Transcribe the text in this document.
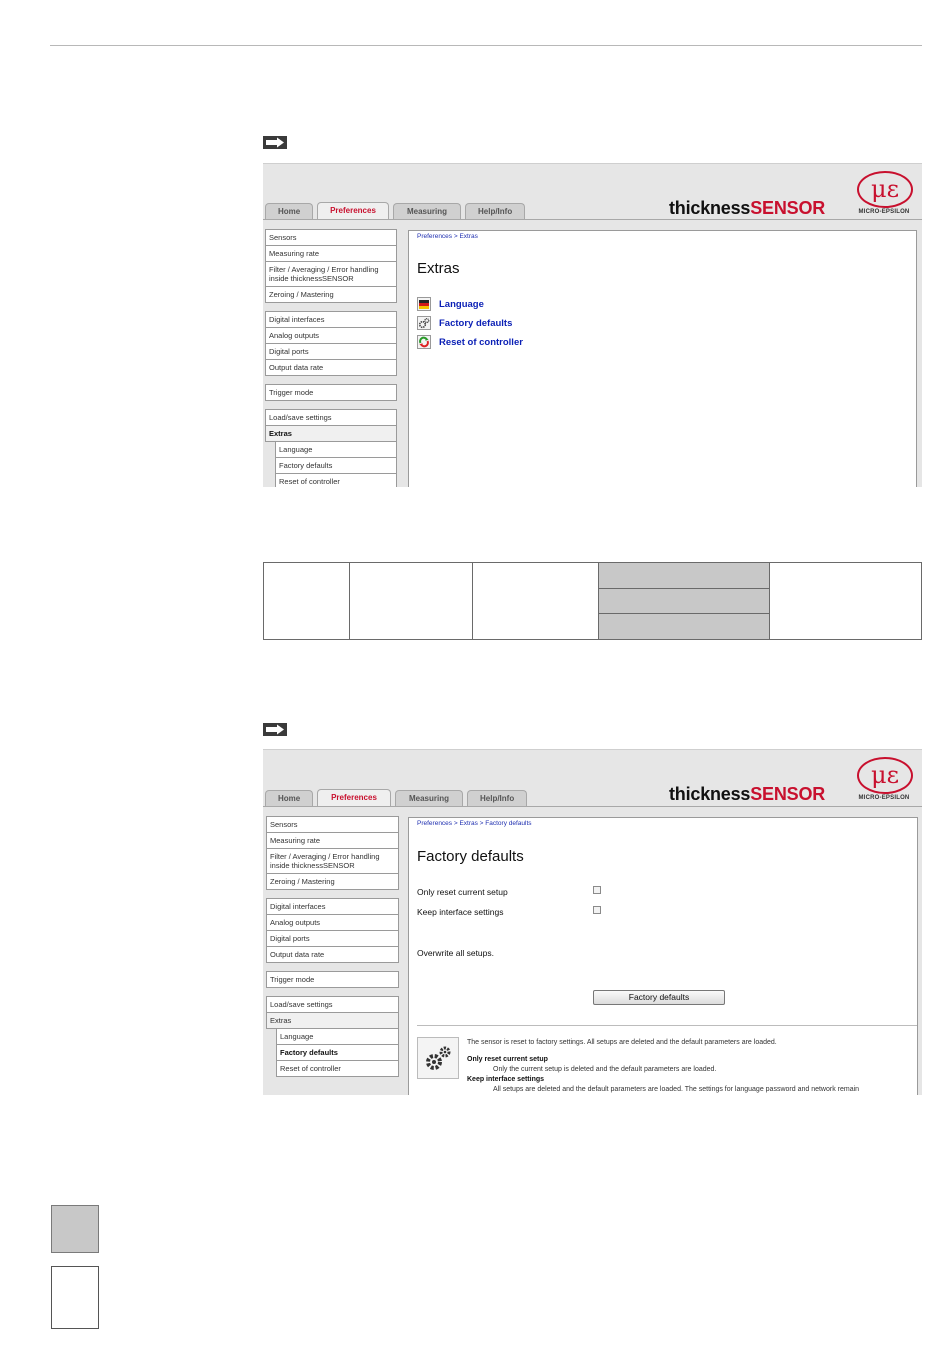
Home	Preferences	Measuring	Help/Info	thicknessSENSOR
μɛ
MICRO-EPSILON
Sensors
Measuring rate
Filter / Averaging / Error handling inside thicknessSENSOR
Zeroing / Mastering
Digital interfaces
Analog outputs
Digital ports
Output data rate
Trigger mode
Load/save settings
Extras
Language
Factory defaults
Reset of controller
Preferences > Extras
Extras
Language
Factory defaults
Reset of controller

Home	Preferences	Measuring	Help/Info	thicknessSENSOR
μɛ
MICRO-EPSILON
Sensors
Measuring rate
Filter / Averaging / Error handling inside thicknessSENSOR
Zeroing / Mastering
Digital interfaces
Analog outputs
Digital ports
Output data rate
Trigger mode
Load/save settings
Extras
Language
Factory defaults
Reset of controller
Preferences > Extras > Factory defaults
Factory defaults
Only reset current setup
Keep interface settings
Overwrite all setups.
Factory defaults
The sensor is reset to factory settings. All setups are deleted and the default parameters are loaded.
Only reset current setup
Only the current setup is deleted and the default parameters are loaded.
Keep interface settings
All setups are deleted and the default parameters are loaded. The settings for language password and network remain
